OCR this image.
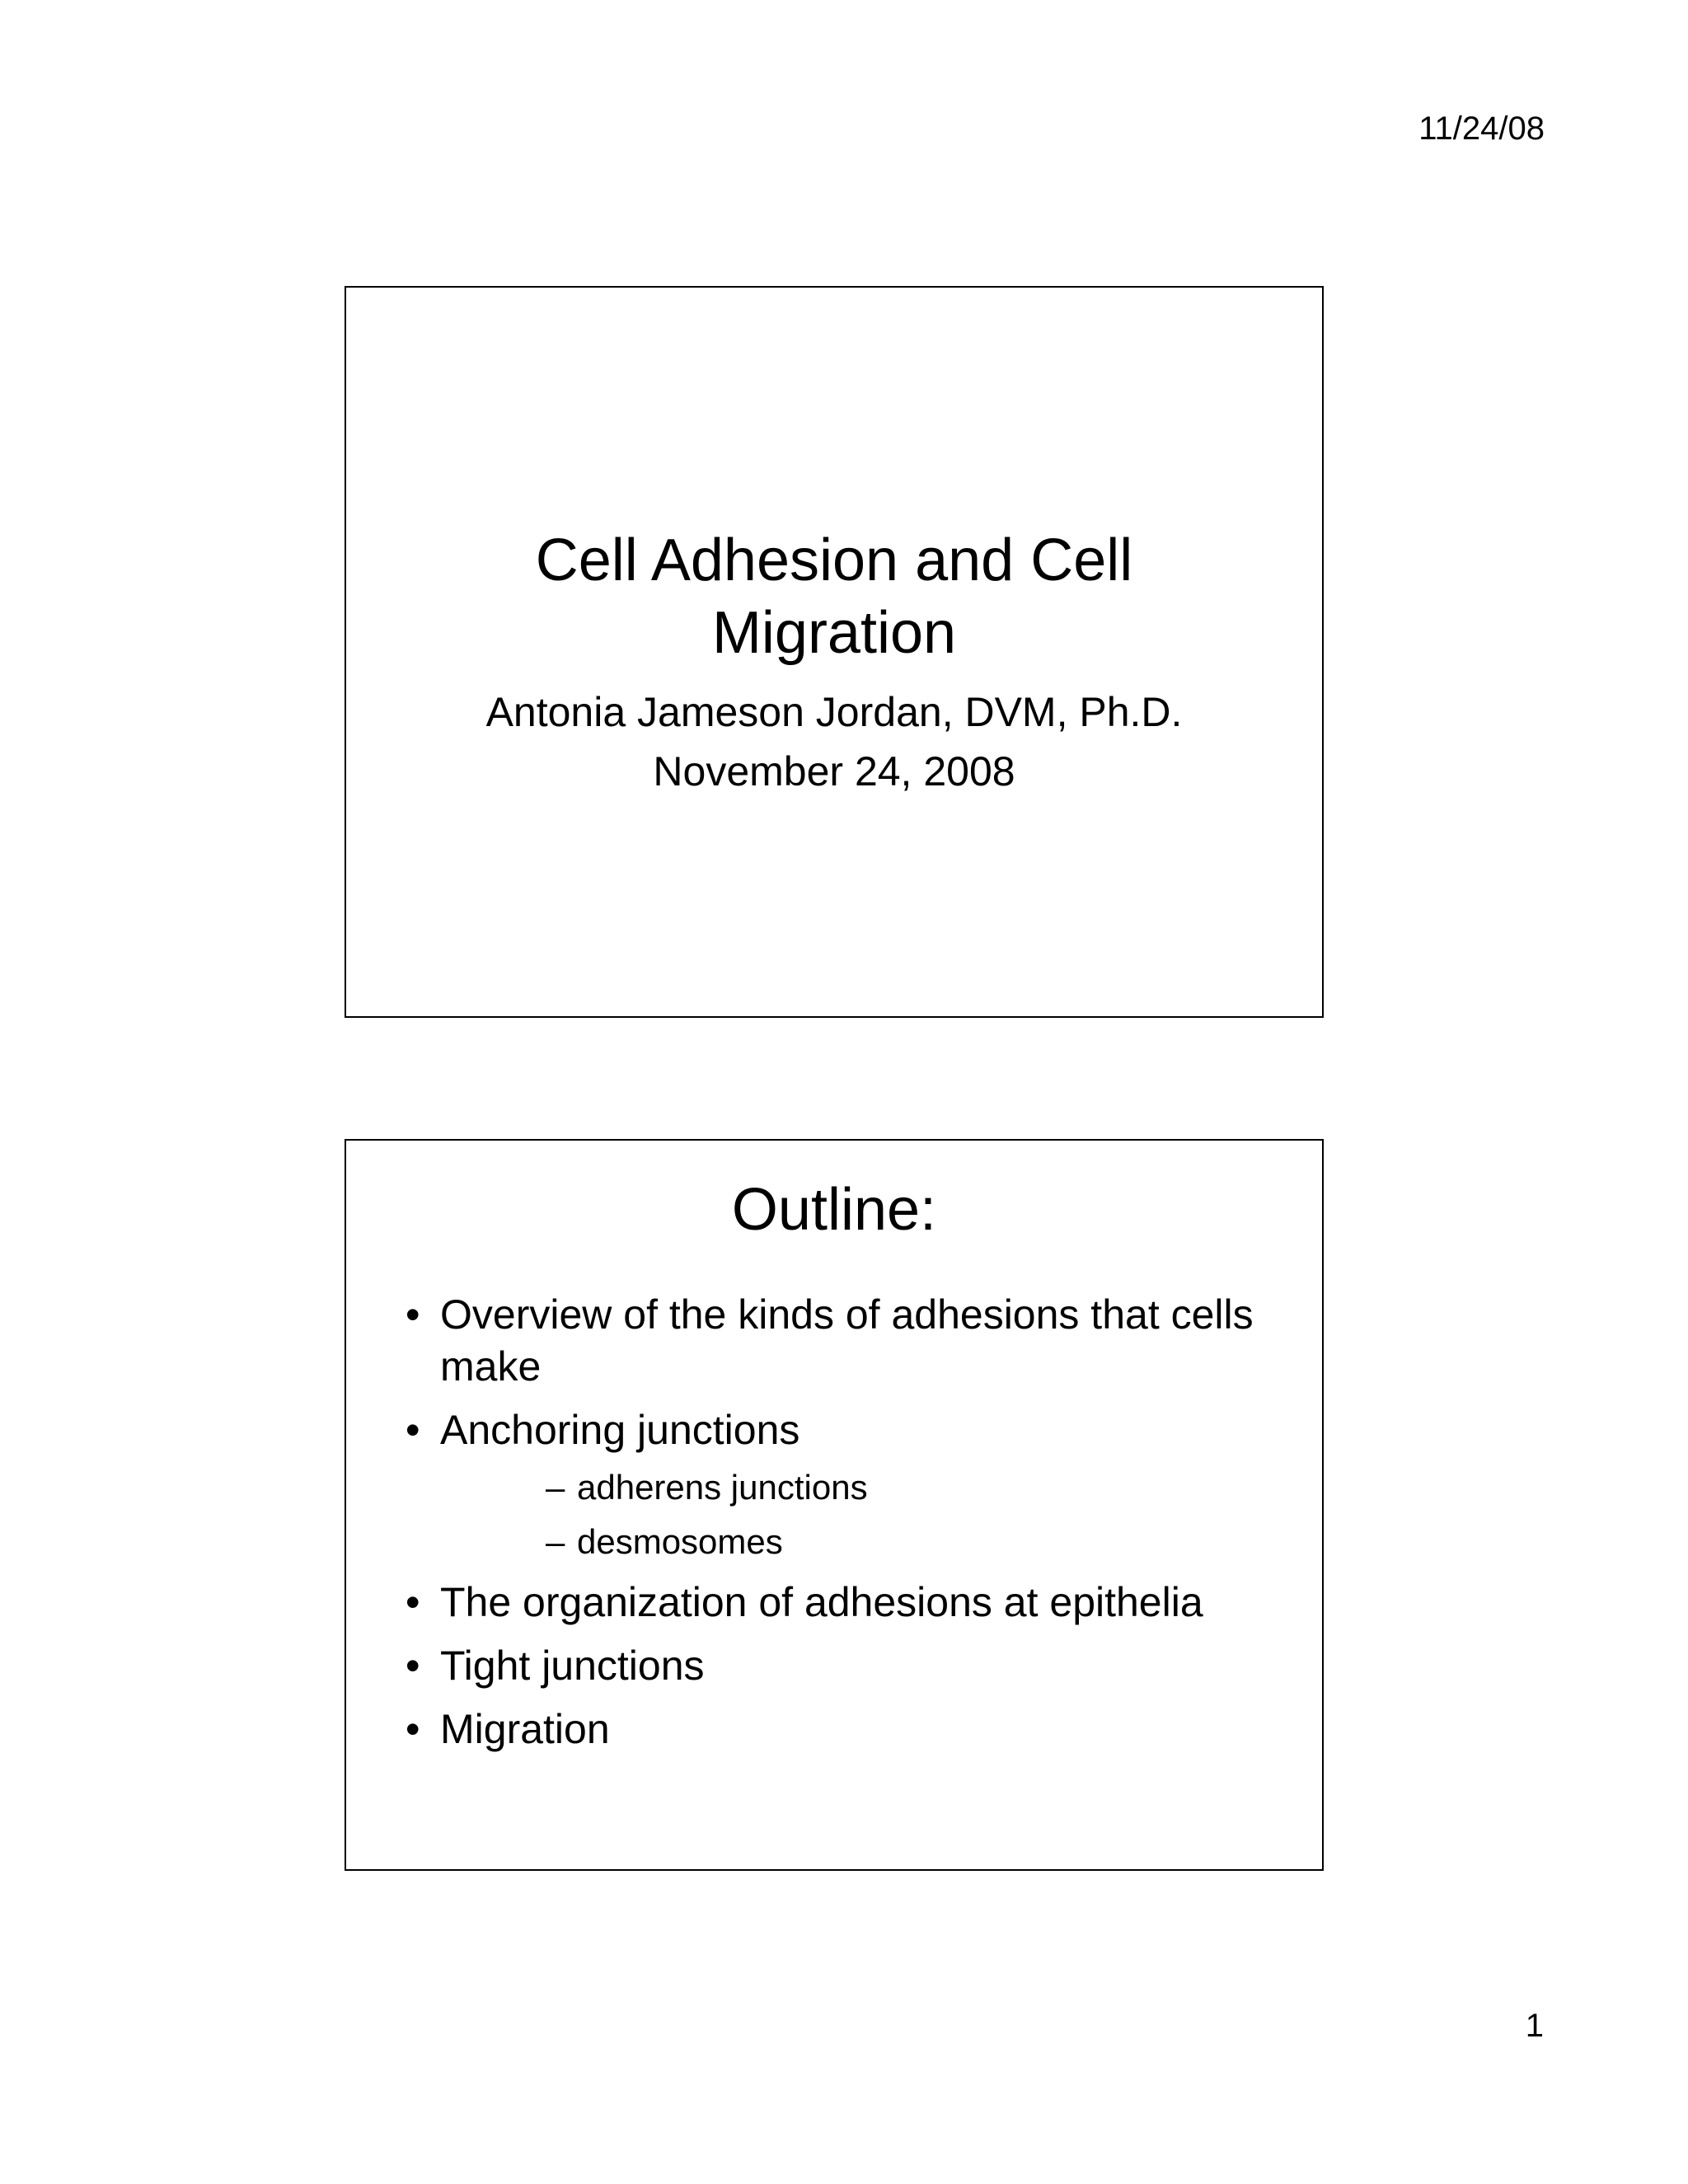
11/24/08
Cell Adhesion and Cell
Migration
Antonia Jameson Jordan, DVM, Ph.D.
November 24, 2008
Outline:
• Overview of the kinds of adhesions that cells make
• Anchoring junctions
– adherens junctions
– desmosomes
• The organization of adhesions at epithelia
• Tight junctions
• Migration
1
